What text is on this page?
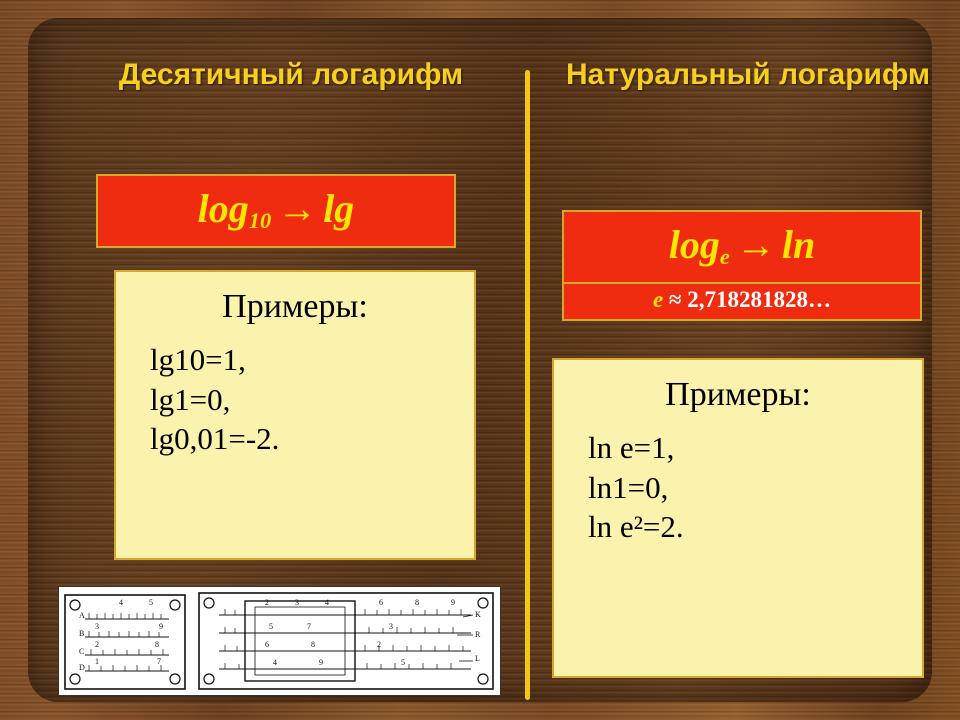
Десятичный логарифм
$\log_{10} \to \lg$
Примеры:
lg10=1,
lg1=0,
lg0,01=-2.
Натуральный логарифм
$\log_e \to \ln$
e ≈ 2,718281828…
Примеры:
ln e=1,
ln1=0,
ln e²=2.
A
B
C
D
4	5
3	9
2	8
1	7
2	3	4	6	8	9
5	7	3
6	8	2
4	9	5
K
R
L
